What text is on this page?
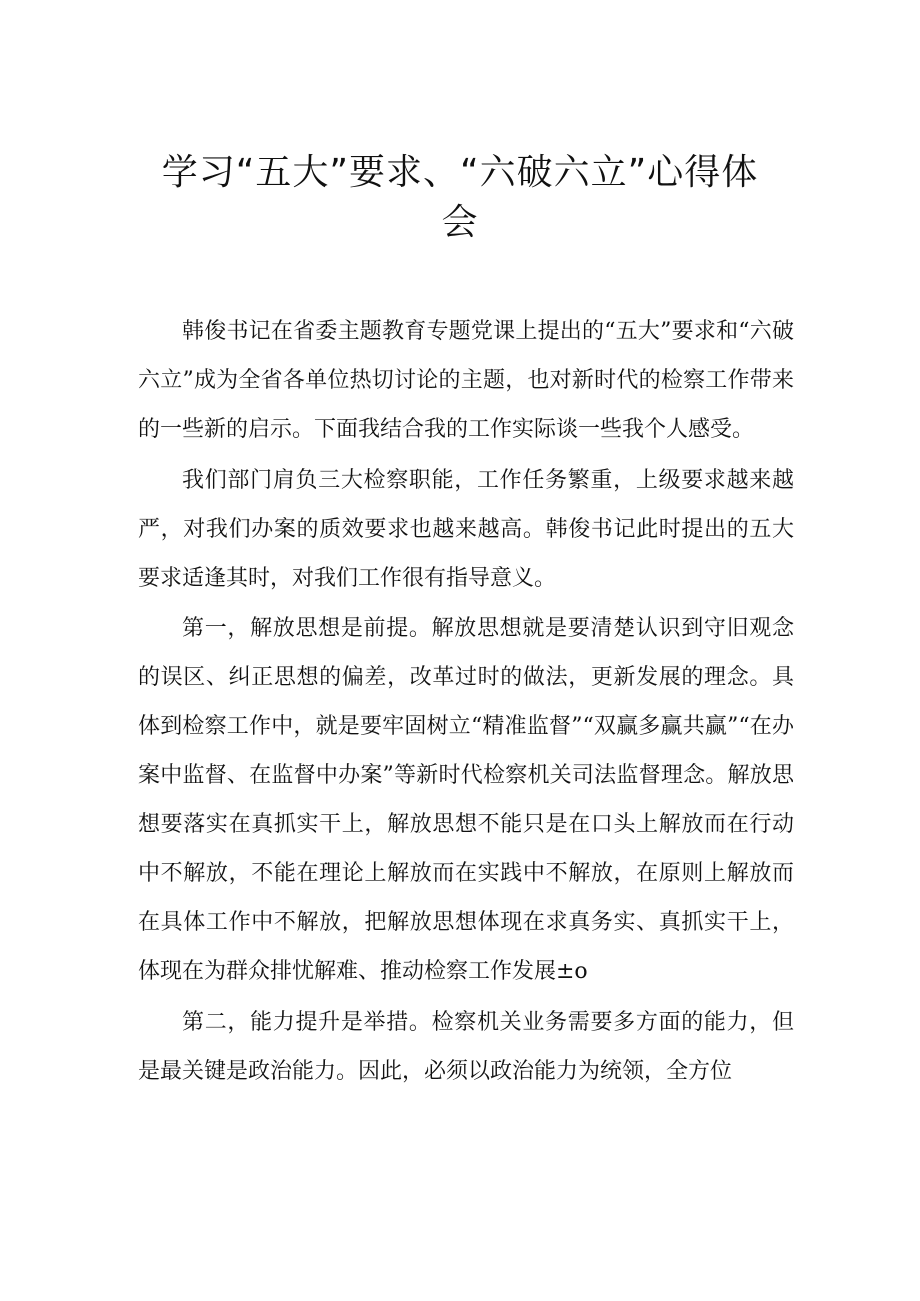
学习“五大”要求、“六破六立”心得体
会

韩俊书记在省委主题教育专题党课上提出的“五大”要求和“六破六立”成为全省各单位热切讨论的主题，也对新时代的检察工作带来的一些新的启示。下面我结合我的工作实际谈一些我个人感受。

我们部门肩负三大检察职能，工作任务繁重，上级要求越来越严，对我们办案的质效要求也越来越高。韩俊书记此时提出的五大要求适逢其时，对我们工作很有指导意义。

第一，解放思想是前提。解放思想就是要清楚认识到守旧观念的误区、纠正思想的偏差，改革过时的做法，更新发展的理念。具体到检察工作中，就是要牢固树立“精准监督”“双赢多赢共赢”“在办案中监督、在监督中办案”等新时代检察机关司法监督理念。解放思想要落实在真抓实干上，解放思想不能只是在口头上解放而在行动中不解放，不能在理论上解放而在实践中不解放，在原则上解放而在具体工作中不解放，把解放思想体现在求真务实、真抓实干上，体现在为群众排忧解难、推动检察工作发展±o

第二，能力提升是举措。检察机关业务需要多方面的能力，但是最关键是政治能力。因此，必须以政治能力为统领，全方位
